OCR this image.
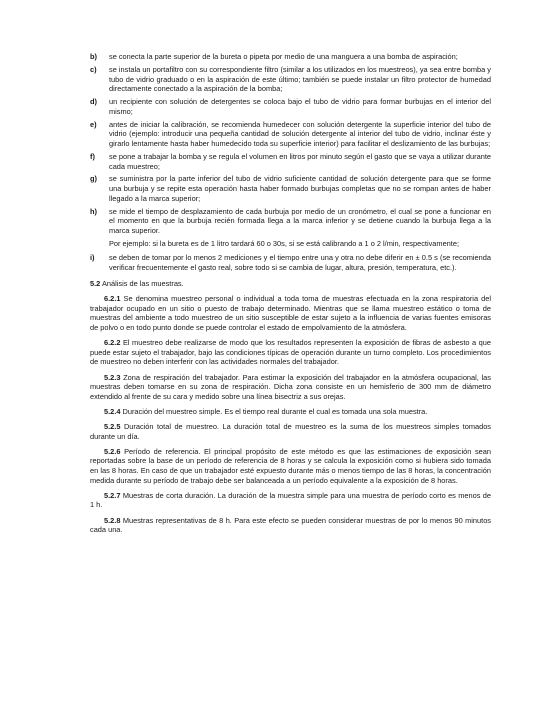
b)	se conecta la parte superior de la bureta o pipeta por medio de una manguera a una bomba de aspiración;
c)	se instala un portafiltro con su correspondiente filtro (similar a los utilizados en los muestreos), ya sea entre bomba y tubo de vidrio graduado o en la aspiración de este último; también se puede instalar un filtro protector de humedad directamente conectado a la aspiración de la bomba;
d)	un recipiente con solución de detergentes se coloca bajo el tubo de vidrio para formar burbujas en el interior del mismo;
e)	antes de iniciar la calibración, se recomienda humedecer con solución detergente la superficie interior del tubo de vidrio (ejemplo: introducir una pequeña cantidad de solución detergente al interior del tubo de vidrio, inclinar éste y girarlo lentamente hasta haber humedecido toda su superficie interior) para facilitar el deslizamiento de las burbujas;
f)	se pone a trabajar la bomba y se regula el volumen en litros por minuto según el gasto que se vaya a utilizar durante cada muestreo;
g)	se suministra por la parte inferior del tubo de vidrio suficiente cantidad de solución detergente para que se forme una burbuja y se repite esta operación hasta haber formado burbujas completas que no se rompan antes de haber llegado a la marca superior;
h)	se mide el tiempo de desplazamiento de cada burbuja por medio de un cronómetro, el cual se pone a funcionar en el momento en que la burbuja recién formada llega a la marca inferior y se detiene cuando la burbuja llega a la marca superior.
Por ejemplo: si la bureta es de 1 litro tardará 60 o 30s, si se está calibrando a 1 o 2 l/min, respectivamente;
i)	se deben de tomar por lo menos 2 mediciones y el tiempo entre una y otra no debe diferir en ± 0.5 s (se recomienda verificar frecuentemente el gasto real, sobre todo si se cambia de lugar, altura, presión, temperatura, etc.).
5.2 Análisis de las muestras.
6.2.1 Se denomina muestreo personal o individual a toda toma de muestras efectuada en la zona respiratoria del trabajador ocupado en un sitio o puesto de trabajo determinado. Mientras que se llama muestreo estático o toma de muestras del ambiente a todo muestreo de un sitio susceptible de estar sujeto a la influencia de varias fuentes emisoras de polvo o en todo punto donde se puede controlar el estado de empolvamiento de la atmósfera.
6.2.2 El muestreo debe realizarse de modo que los resultados representen la exposición de fibras de asbesto a que puede estar sujeto el trabajador, bajo las condiciones típicas de operación durante un turno completo. Los procedimientos de muestreo no deben interferir con las actividades normales del trabajador.
5.2.3 Zona de respiración del trabajador. Para estimar la exposición del trabajador en la atmósfera ocupacional, las muestras deben tomarse en su zona de respiración. Dicha zona consiste en un hemisferio de 300 mm de diámetro extendido al frente de su cara y medido sobre una línea bisectriz a sus orejas.
5.2.4 Duración del muestreo simple. Es el tiempo real durante el cual es tomada una sola muestra.
5.2.5 Duración total de muestreo. La duración total de muestreo es la suma de los muestreos simples tomados durante un día.
5.2.6 Período de referencia. El principal propósito de este método es que las estimaciones de exposición sean reportadas sobre la base de un período de referencia de 8 horas y se calcula la exposición como si hubiera sido tomada en las 8 horas. En caso de que un trabajador esté expuesto durante más o menos tiempo de las 8 horas, la concentración medida durante su período de trabajo debe ser balanceada a un período equivalente a la exposición de 8 horas.
5.2.7 Muestras de corta duración. La duración de la muestra simple para una muestra de período corto es menos de 1 h.
5.2.8 Muestras representativas de 8 h. Para este efecto se pueden considerar muestras de por lo menos 90 minutos cada una.
